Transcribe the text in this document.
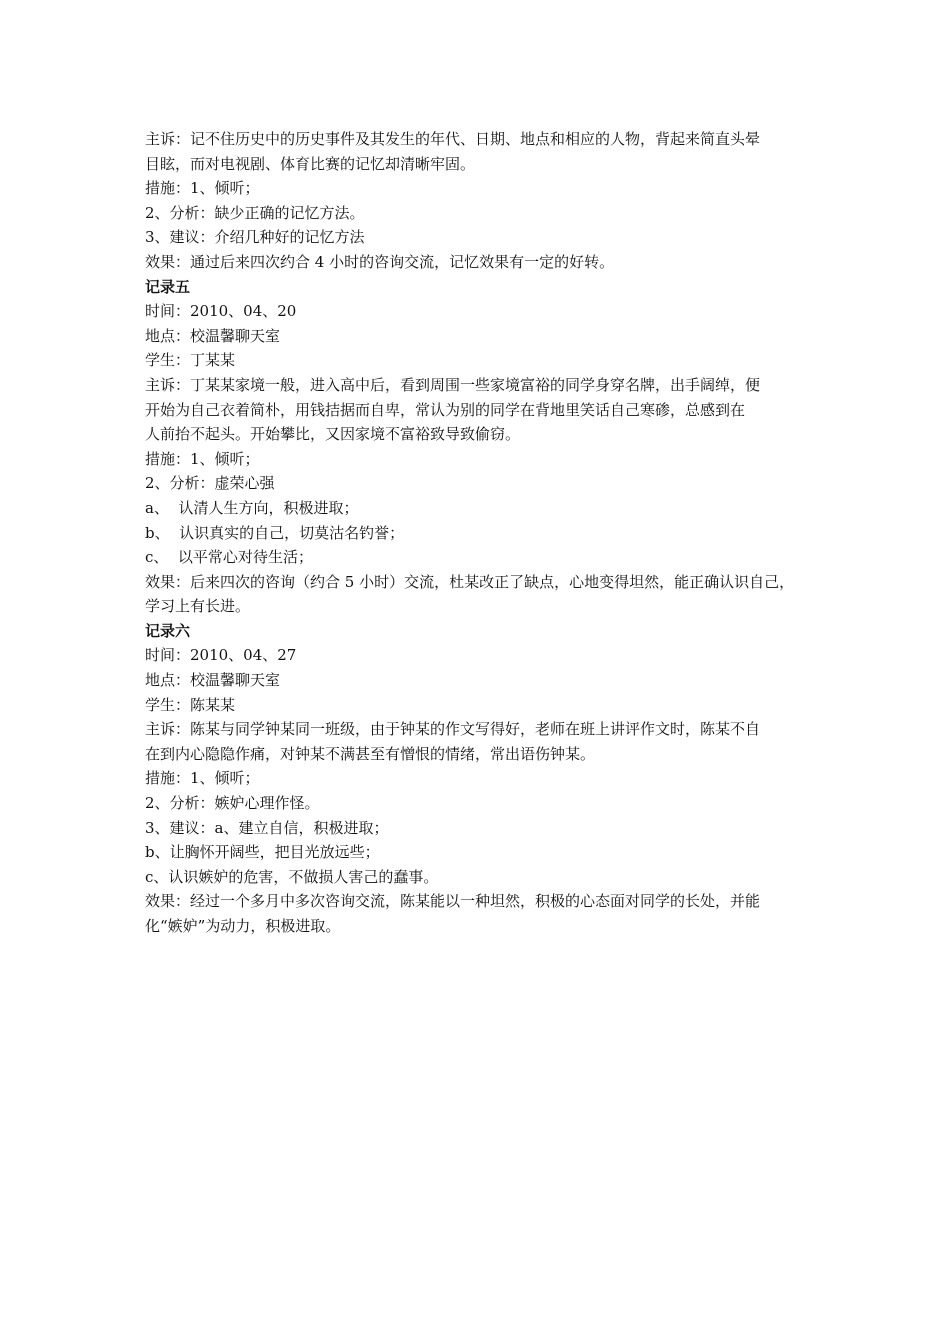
主诉：记不住历史中的历史事件及其发生的年代、日期、地点和相应的人物，背起来简直头晕

目眩，而对电视剧、体育比赛的记忆却清晰牢固。

措施：1、倾听；

2、分析：缺少正确的记忆方法。

3、建议：介绍几种好的记忆方法

效果：通过后来四次约合 4 小时的咨询交流，记忆效果有一定的好转。

记录五

时间：2010、04、20

地点：校温馨聊天室

学生：丁某某

主诉：丁某某家境一般，进入高中后，看到周围一些家境富裕的同学身穿名牌，出手阔绰，便

开始为自己衣着简朴，用钱拮据而自卑，常认为别的同学在背地里笑话自己寒碜，总感到在

人前抬不起头。开始攀比，又因家境不富裕致导致偷窃。

措施：1、倾听；

2、分析：虚荣心强

a、  认清人生方向，积极进取；

b、  认识真实的自己，切莫沽名钓誉；

c、  以平常心对待生活；

效果：后来四次的咨询（约合 5 小时）交流，杜某改正了缺点，心地变得坦然，能正确认识自己，

学习上有长进。

记录六

时间：2010、04、27

地点：校温馨聊天室

学生：陈某某

主诉：陈某与同学钟某同一班级，由于钟某的作文写得好，老师在班上讲评作文时，陈某不自

在到内心隐隐作痛，对钟某不满甚至有憎恨的情绪，常出语伤钟某。

措施：1、倾听；

2、分析：嫉妒心理作怪。

3、建议：a、建立自信，积极进取；

b、让胸怀开阔些，把目光放远些；

c、认识嫉妒的危害，不做损人害己的蠢事。

效果：经过一个多月中多次咨询交流，陈某能以一种坦然，积极的心态面对同学的长处，并能

化“嫉妒”为动力，积极进取。
